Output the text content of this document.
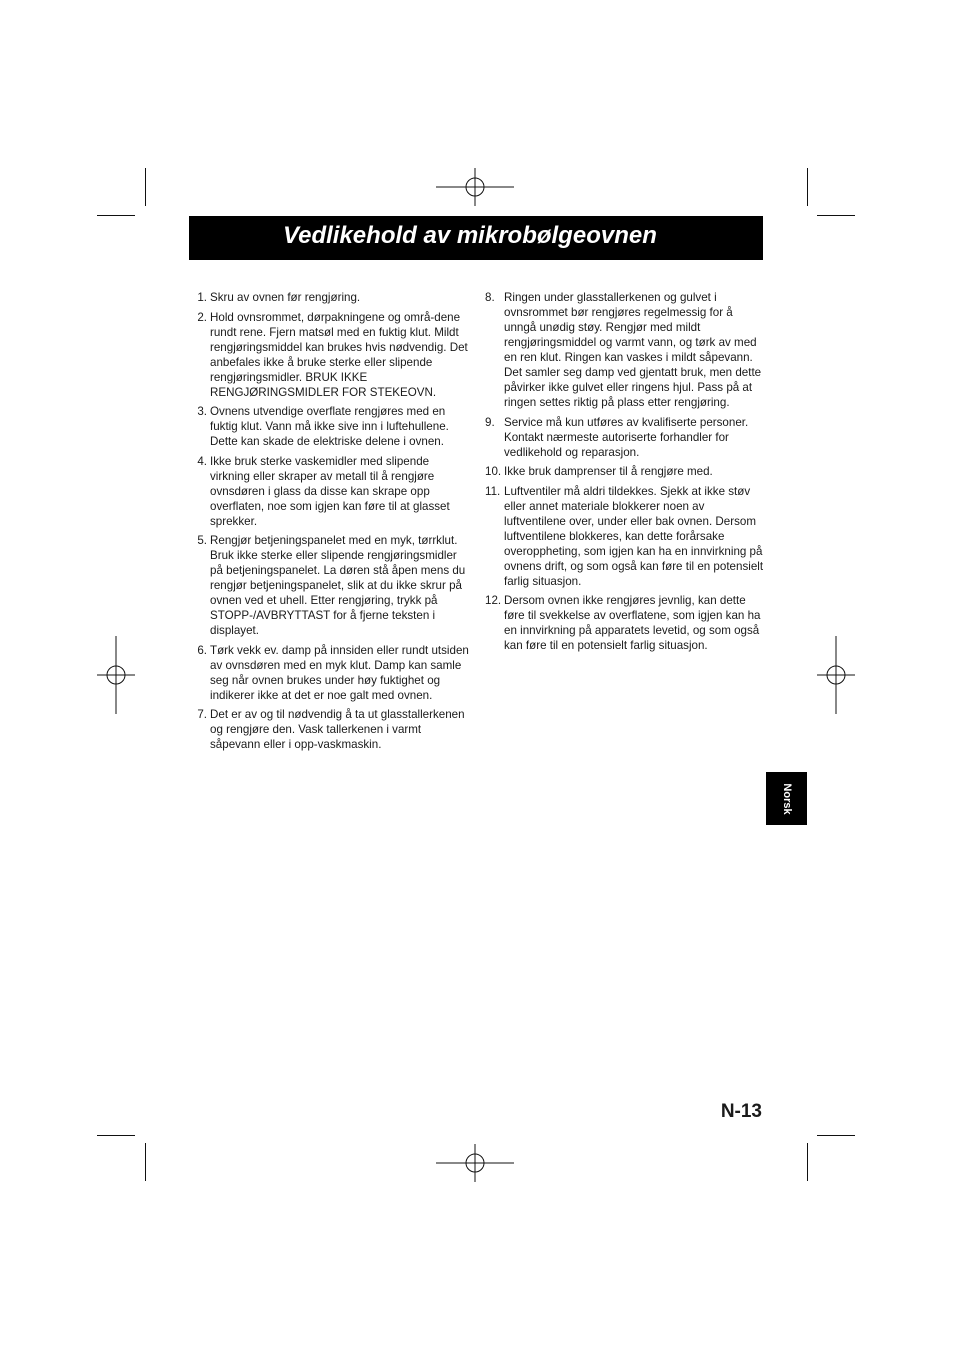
Vedlikehold av mikrobølgeovnen
1. Skru av ovnen før rengjøring.
2. Hold ovnsrommet, dørpakningene og områ-dene rundt rene. Fjern matsøl med en fuktig klut. Mildt rengjøringsmiddel kan brukes hvis nødvendig. Det anbefales ikke å bruke sterke eller slipende rengjøringsmidler. BRUK IKKE RENGJØRINGSMIDLER FOR STEKEOVN.
3. Ovnens utvendige overflate rengjøres med en fuktig klut. Vann må ikke sive inn i luftehullene. Dette kan skade de elektriske delene i ovnen.
4. Ikke bruk sterke vaskemidler med slipende virkning eller skraper av metall til å rengjøre ovnsdøren i glass da disse kan skrape opp overflaten, noe som igjen kan føre til at glasset sprekker.
5. Rengjør betjeningspanelet med en myk, tørrklut. Bruk ikke sterke eller slipende rengjøringsmidler på betjeningspanelet. La døren stå åpen mens du rengjør betjeningspanelet, slik at du ikke skrur på ovnen ved et uhell. Etter rengjøring, trykk på STOPP-/AVBRYTTAST for å fjerne teksten i displayet.
6. Tørk vekk ev. damp på innsiden eller rundt utsiden av ovnsdøren med en myk klut. Damp kan samle seg når ovnen brukes under høy fuktighet og indikerer ikke at det er noe galt med ovnen.
7. Det er av og til nødvendig å ta ut glasstallerkenen og rengjøre den. Vask tallerkenen i varmt såpevann eller i opp-vaskmaskin.
8. Ringen under glasstallerkenen og gulvet i ovnsrommet bør rengjøres regelmessig for å unngå unødig støy. Rengjør med mildt rengjøringsmiddel og varmt vann, og tørk av med en ren klut. Ringen kan vaskes i mildt såpevann. Det samler seg damp ved gjentatt bruk, men dette påvirker ikke gulvet eller ringens hjul. Pass på at ringen settes riktig på plass etter rengjøring.
9. Service må kun utføres av kvalifiserte personer. Kontakt nærmeste autoriserte forhandler for vedlikehold og reparasjon.
10. Ikke bruk damprenser til å rengjøre med.
11. Luftventiler må aldri tildekkes. Sjekk at ikke støv eller annet materiale blokkerer noen av luftventilene over, under eller bak ovnen. Dersom luftventilene blokkeres, kan dette forårsake overoppheting, som igjen kan ha en innvirkning på ovnens drift, og som også kan føre til en potensielt farlig situasjon.
12. Dersom ovnen ikke rengjøres jevnlig, kan dette føre til svekkelse av overflatene, som igjen kan ha en innvirkning på apparatets levetid, og som også kan føre til en potensielt farlig situasjon.
Norsk
N-13
